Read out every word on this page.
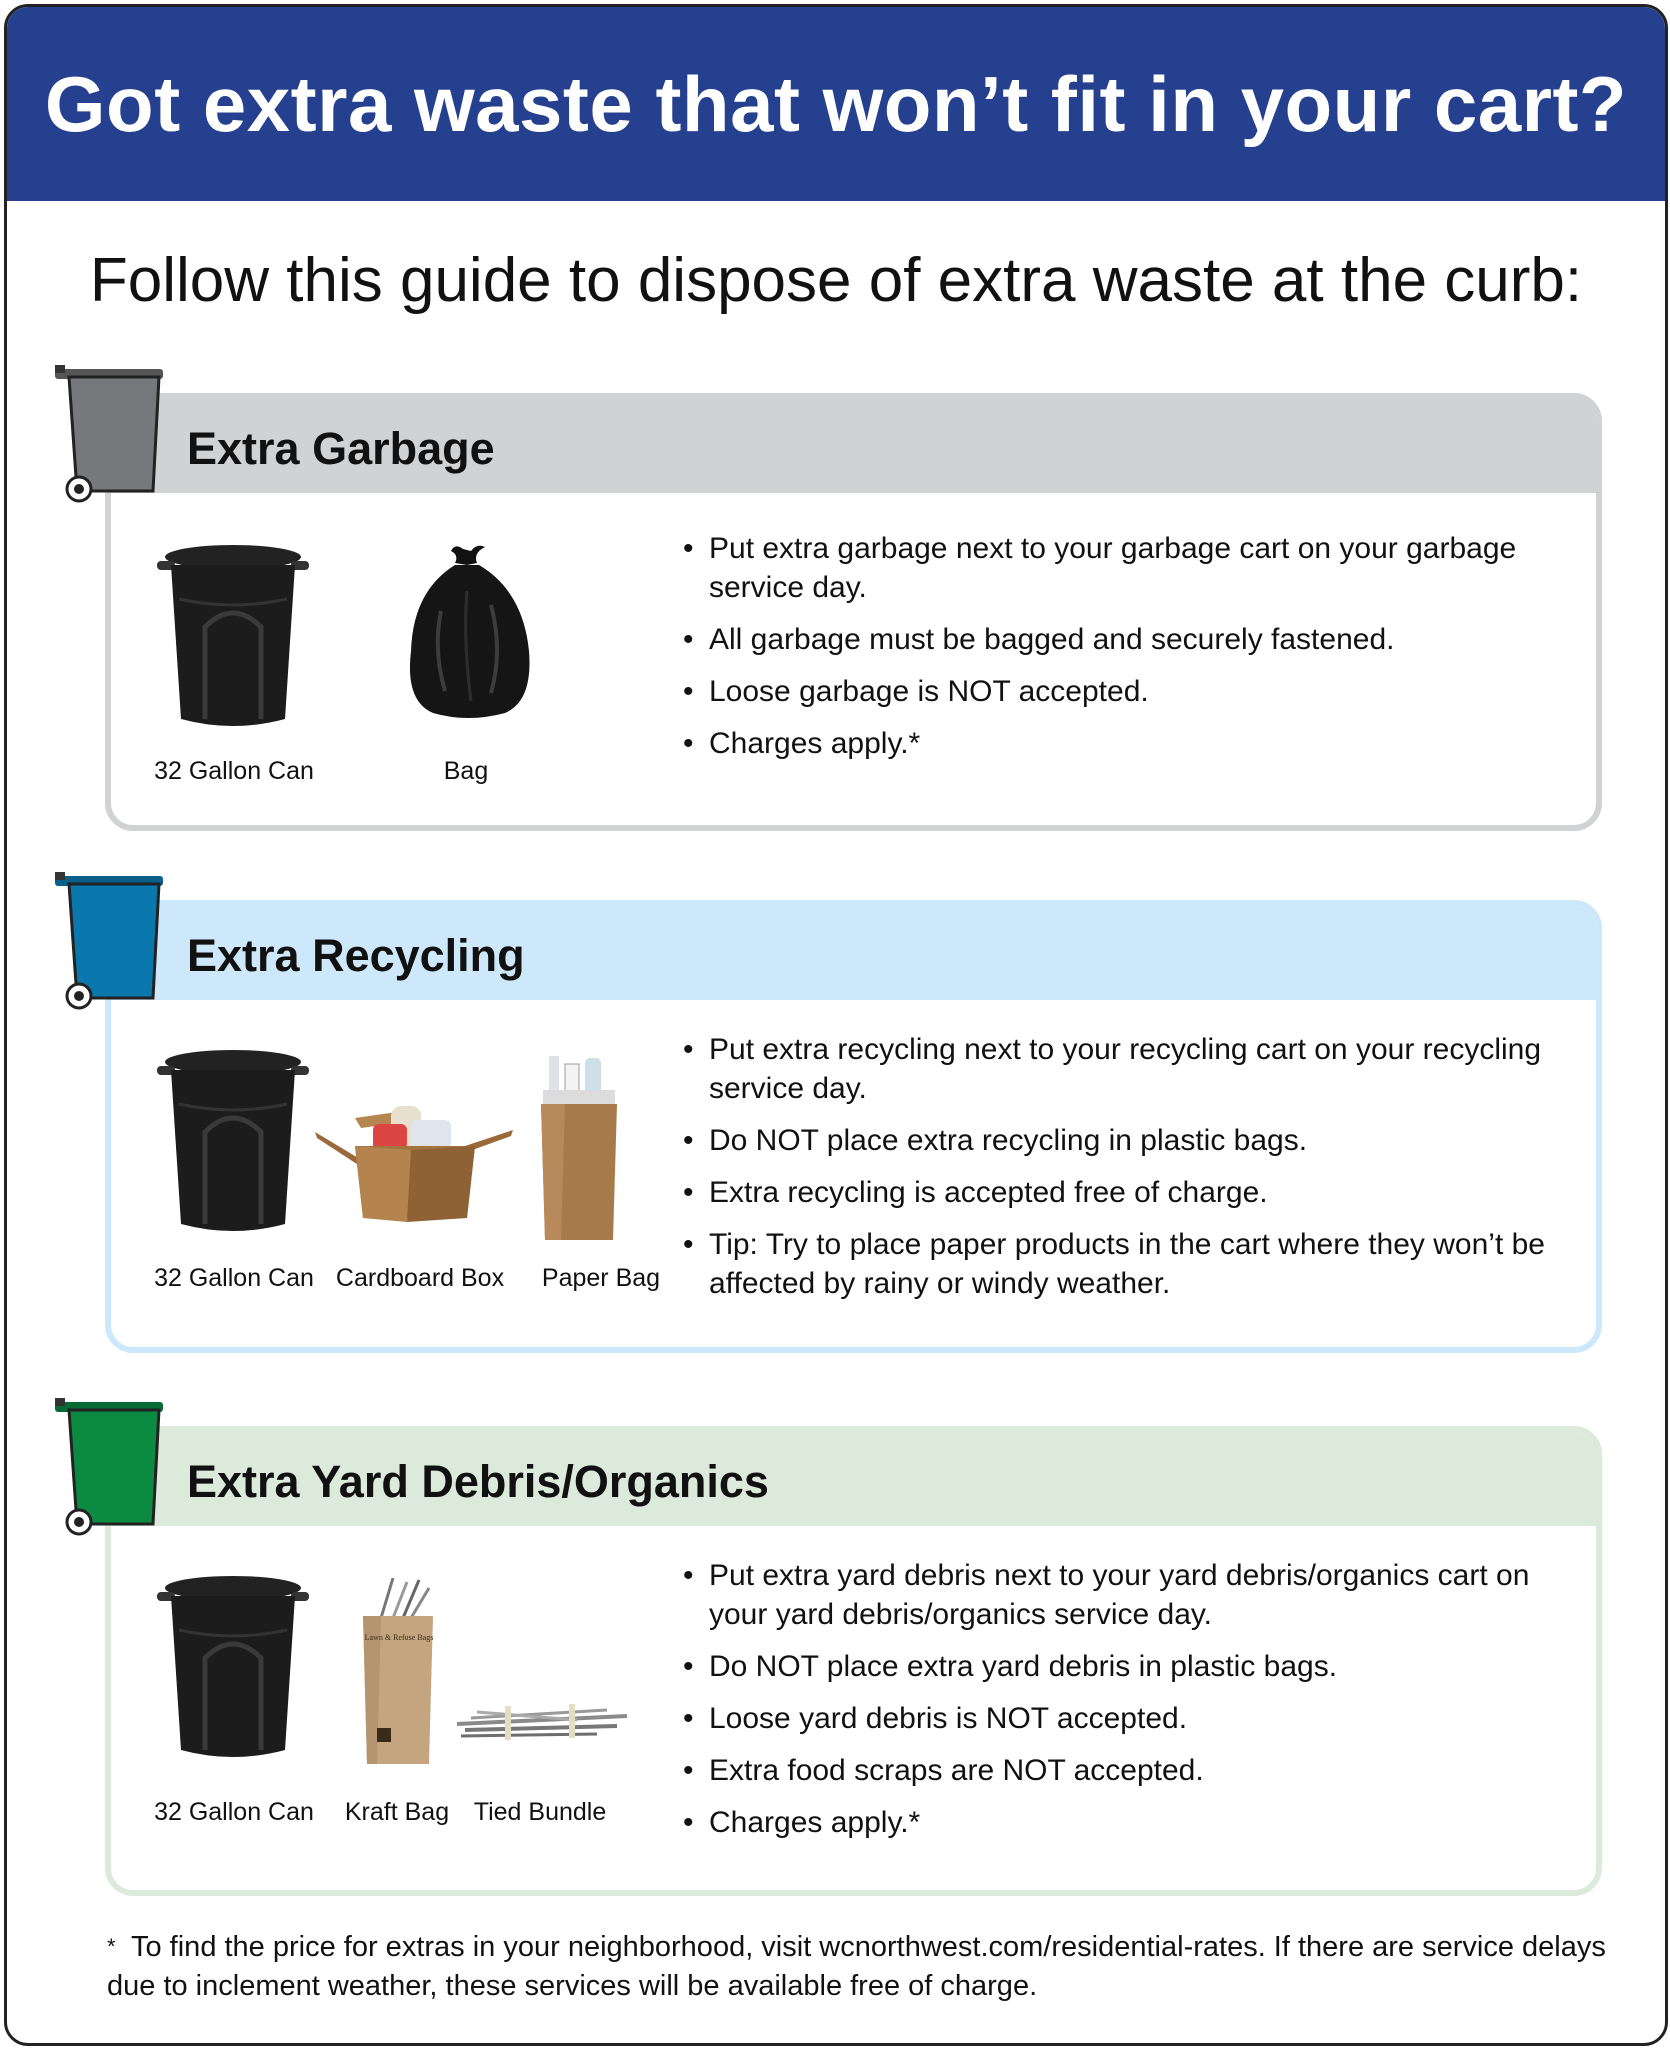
Got extra waste that won’t fit in your cart?
Follow this guide to dispose of extra waste at the curb:
Extra Garbage
32 Gallon Can	Bag
• Put extra garbage next to your garbage cart on your garbage service day.
• All garbage must be bagged and securely fastened.
• Loose garbage is NOT accepted.
• Charges apply.*
Extra Recycling
32 Gallon Can Cardboard Box	Paper Bag
• Put extra recycling next to your recycling cart on your recycling service day.
• Do NOT place extra recycling in plastic bags.
• Extra recycling is accepted free of charge.
• Tip: Try to place paper products in the cart where they won’t be affected by rainy or windy weather.
Extra Yard Debris/Organics
32 Gallon Can
Lawn & Refuse Bags
Kraft Bag Tied Bundle
• Put extra yard debris next to your yard debris/organics cart on your yard debris/organics service day.
• Do NOT place extra yard debris in plastic bags.
• Loose yard debris is NOT accepted.
• Extra food scraps are NOT accepted.
• Charges apply.*
* To find the price for extras in your neighborhood, visit wcnorthwest.com/residential-rates. If there are service delays due to inclement weather, these services will be available free of charge.
